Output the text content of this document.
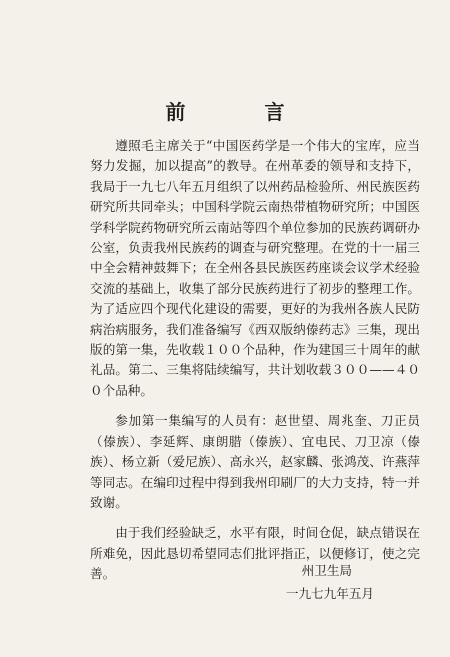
前 言

遵照毛主席关于“中国医药学是一个伟大的宝库，应当努力发掘，加以提高”的教导。在州革委的领导和支持下，我局于一九七八年五月组织了以州药品检验所、州民族医药研究所共同牵头；中国科学院云南热带植物研究所；中国医学科学院药物研究所云南站等四个单位参加的民族药调研办公室，负责我州民族药的调查与研究整理。在党的十一届三中全会精神鼓舞下；在全州各县民族医药座谈会议学术经验交流的基础上，收集了部分民族药进行了初步的整理工作。为了适应四个现代化建设的需要，更好的为我州各族人民防病治病服务，我们准备编写《西双版纳傣药志》三集，现出版的第一集，先收载１００个品种，作为建国三十周年的献礼品。第二、三集将陆续编写，共计划收载３００——４００个品种。

参加第一集编写的人员有：赵世望、周兆奎、刀正员（傣族）、李延辉、康朗腊（傣族）、宜电民、刀卫凉（傣族）、杨立新（爱尼族）、高永兴，赵家麟、张鸿茂、许燕萍等同志。在编印过程中得到我州印刷厂的大力支持，特一并致谢。

由于我们经验缺乏，水平有限，时间仓促，缺点错误在所难免，因此恳切希望同志们批评指正，以便修订，使之完善。	州卫生局
一九七九年五月
